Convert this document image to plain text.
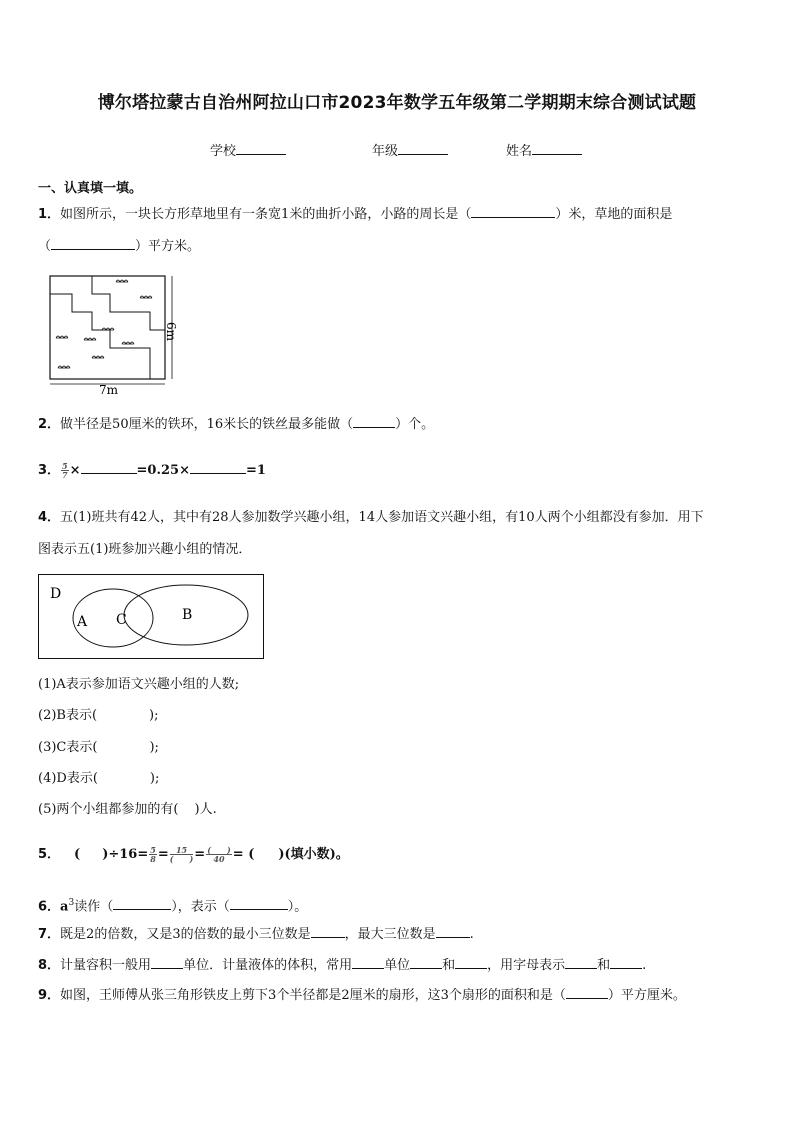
博尔塔拉蒙古自治州阿拉山口市2023年数学五年级第二学期期末综合测试试题
学校	年级	姓名
一、认真填一填。
1．如图所示，一块长方形草地里有一条宽1米的曲折小路，小路的周长是（	）米，草地的面积是
（	）平方米。
7m
6m
2．做半径是50厘米的铁环，16米长的铁丝最多能做（	）个。
3． $\frac{5}{7}$ ×	=0.25×	=1
4．五(1)班共有42人，其中有28人参加数学兴趣小组，14人参加语文兴趣小组，有10人两个小组都没有参加．用下
图表示五(1)班参加兴趣小组的情况．
D
A C	B
(1)A表示参加语文兴趣小组的人数;
(2)B表示(	);
(3)C表示(	);
(4)D表示(	);
(5)两个小组都参加的有( )人.
5． ( )$\div 16= \frac{5}{8} = \frac{15}{( )} = \frac{( )}{40}$ = ( )(填小数)。
6．$a^3$读作（	），表示（	）。
7．既是2的倍数，又是3的倍数的最小三位数是	，最大三位数是	.
8．计量容积一般用 单位．计量液体的体积，常用 单位 和 ，用字母表示 和 .
9．如图，王师傅从张三角形铁皮上剪下3个半径都是2厘米的扇形，这3个扇形的面积和是（	）平方厘米。
